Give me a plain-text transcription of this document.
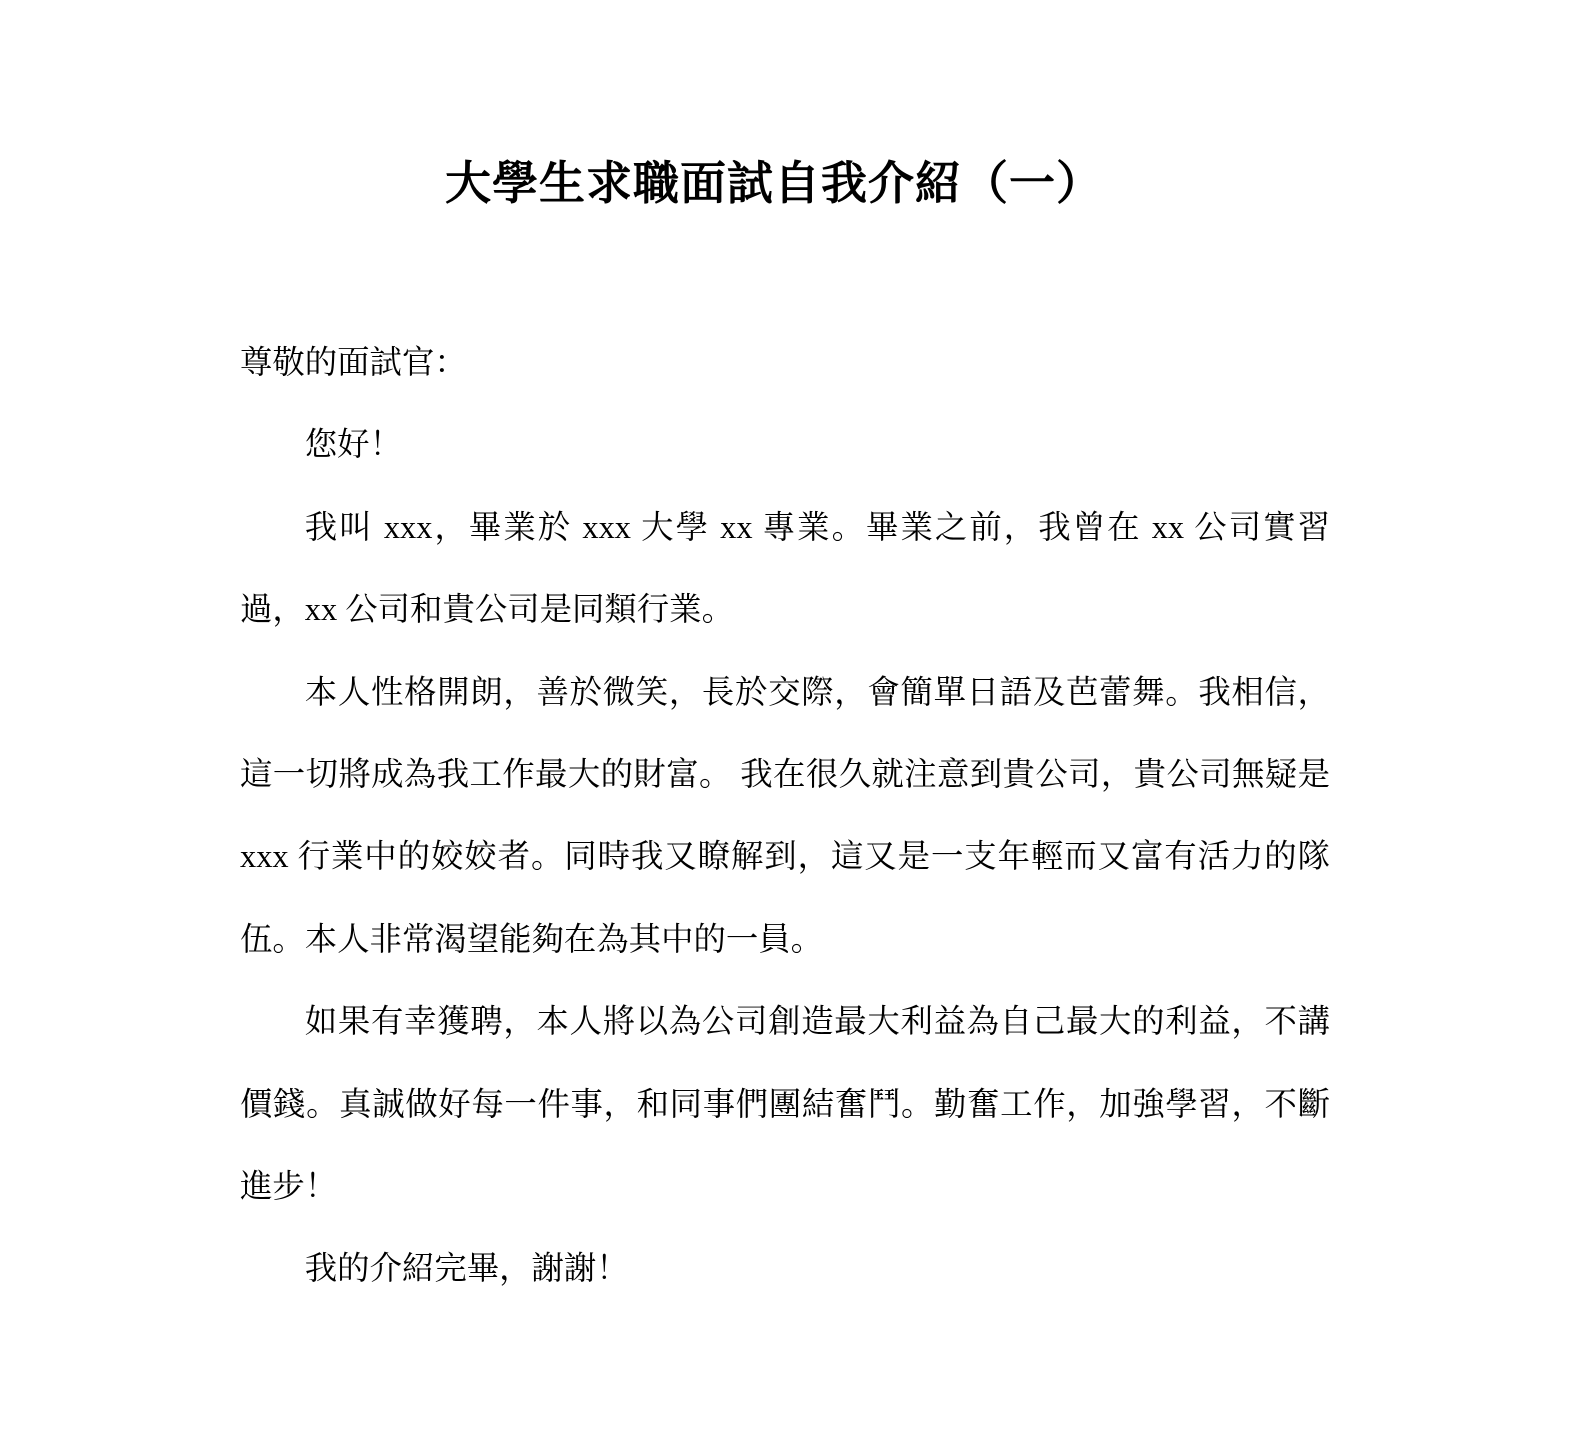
大學生求職面試自我介紹（一）

尊敬的面試官：

您好！

我叫 xxx，畢業於 xxx 大學 xx 專業。畢業之前，我曾在 xx 公司實習過，xx 公司和貴公司是同類行業。

本人性格開朗，善於微笑，長於交際，會簡單日語及芭蕾舞。我相信，這一切將成為我工作最大的財富。 我在很久就注意到貴公司，貴公司無疑是 xxx 行業中的姣姣者。同時我又瞭解到，這又是一支年輕而又富有活力的隊伍。本人非常渴望能夠在為其中的一員。

如果有幸獲聘，本人將以為公司創造最大利益為自己最大的利益，不講價錢。真誠做好每一件事，和同事們團結奮鬥。勤奮工作，加強學習，不斷進步！

我的介紹完畢，謝謝！
